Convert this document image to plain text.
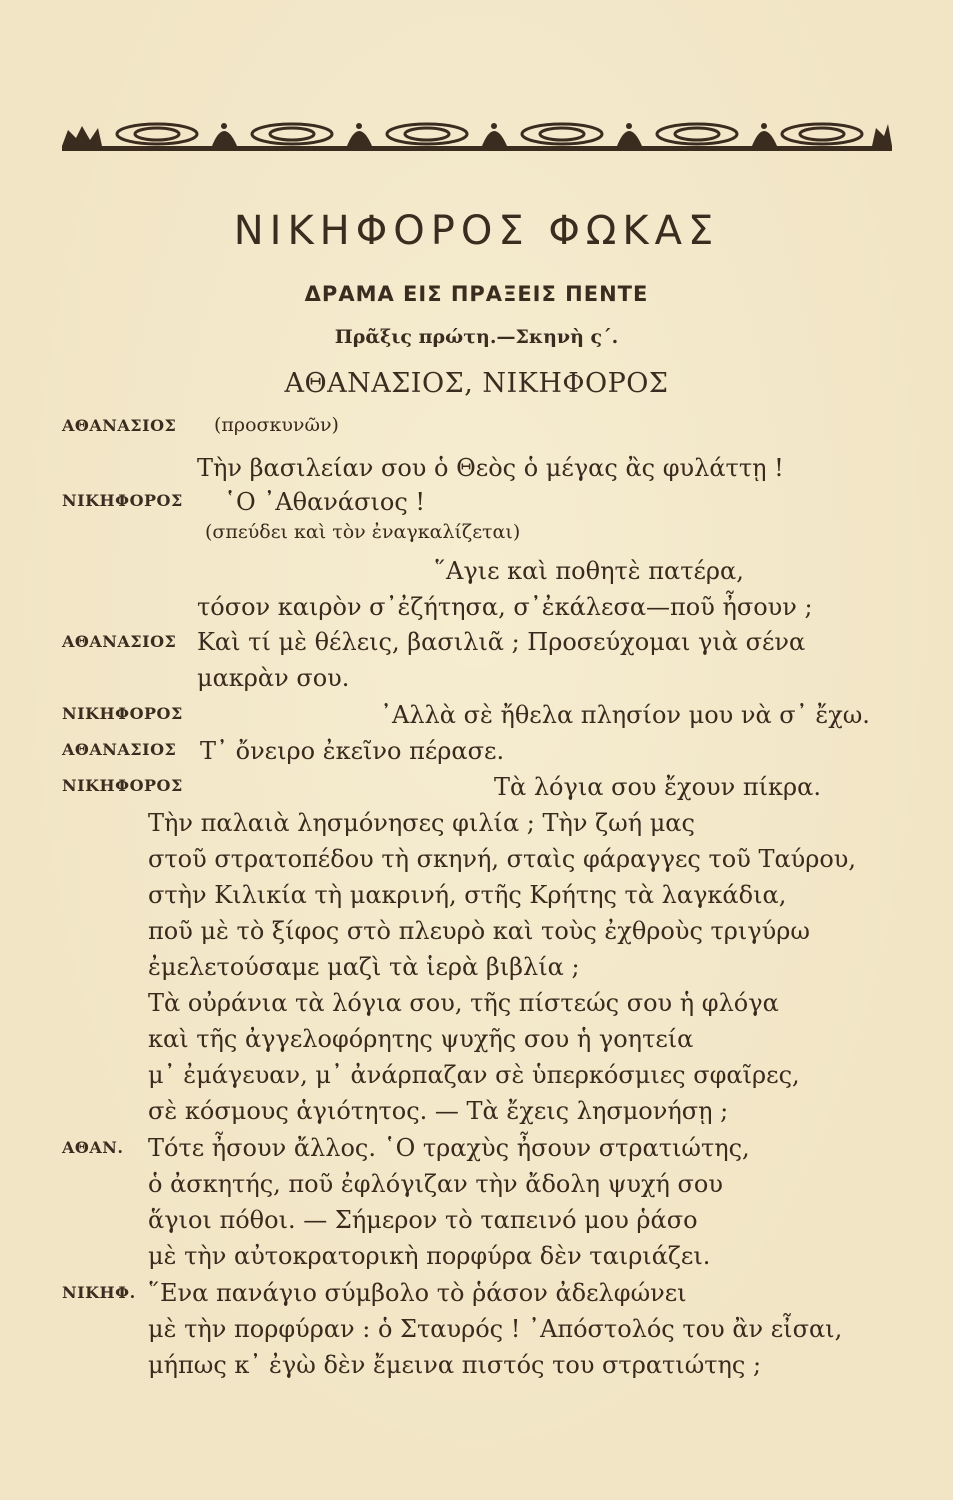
ΝΙΚΗΦΟΡΟΣ ΦΩΚΑΣ
ΔΡΑΜΑ ΕΙΣ ΠΡΑΞΕΙΣ ΠΕΝΤΕ
Πρᾶξις πρώτη.—Σκηνὴ ς΄.
ΑΘΑΝΑΣΙΟΣ, ΝΙΚΗΦΟΡΟΣ
ΑΘΑΝΑΣΙΟΣ (προσκυνῶν)
Τὴν βασιλείαν σου ὁ Θεὸς ὁ μέγας ἂς φυλάττῃ !
ΝΙΚΗΦΟΡΟΣ ῾Ο ᾿Αθανάσιος !
(σπεύδει καὶ τὸν ἐναγκαλίζεται)
῞Αγιε καὶ ποθητὲ πατέρα,
τόσον καιρὸν σ᾿ἐζήτησα, σ᾿ἐκάλεσα—ποῦ ἦσουν ;
ΑΘΑΝΑΣΙΟΣ Καὶ τί μὲ θέλεις, βασιλιᾶ ; Προσεύχομαι γιὰ σένα
μακρὰν σου.
ΝΙΚΗΦΟΡΟΣ	᾿Αλλὰ σὲ ἤθελα πλησίον μου νὰ σ᾿ ἔχω.
ΑΘΑΝΑΣΙΟΣ Τ᾿ ὄνειρο ἐκεῖνο πέρασε.
ΝΙΚΗΦΟΡΟΣ	Τὰ λόγια σου ἔχουν πίκρα.
Τὴν παλαιὰ λησμόνησες φιλία ; Τὴν ζωή μας
στοῦ στρατοπέδου τὴ σκηνή, σταὶς φάραγγες τοῦ Ταύρου,
στὴν Κιλικία τὴ μακρινή, στῆς Κρήτης τὰ λαγκάδια,
ποῦ μὲ τὸ ξίφος στὸ πλευρὸ καὶ τοὺς ἐχθροὺς τριγύρω
ἐμελετούσαμε μαζὶ τὰ ἱερὰ βιβλία ;
Τὰ οὐράνια τὰ λόγια σου, τῆς πίστεώς σου ἡ φλόγα
καὶ τῆς ἀγγελοφόρητης ψυχῆς σου ἡ γοητεία
μ᾿ ἐμάγευαν, μ᾿ ἀνάρπαζαν σὲ ὑπερκόσμιες σφαῖρες,
σὲ κόσμους ἁγιότητος. — Τὰ ἔχεις λησμονήσῃ ;
ΑΘΑΝ. Τότε ἦσουν ἄλλος. ῾Ο τραχὺς ἦσουν στρατιώτης,
ὁ ἀσκητής, ποῦ ἐφλόγιζαν τὴν ἄδολη ψυχή σου
ἅγιοι πόθοι. — Σήμερον τὸ ταπεινό μου ῥάσο
μὲ τὴν αὐτοκρατορικὴ πορφύρα δὲν ταιριάζει.
ΝΙΚΗΦ. ῞Ενα πανάγιο σύμβολο τὸ ῥάσον ἀδελφώνει
μὲ τὴν πορφύραν : ὁ Σταυρός ! ᾿Απόστολός του ἂν εἶσαι,
μήπως κ᾿ ἐγὼ δὲν ἔμεινα πιστός του στρατιώτης ;
